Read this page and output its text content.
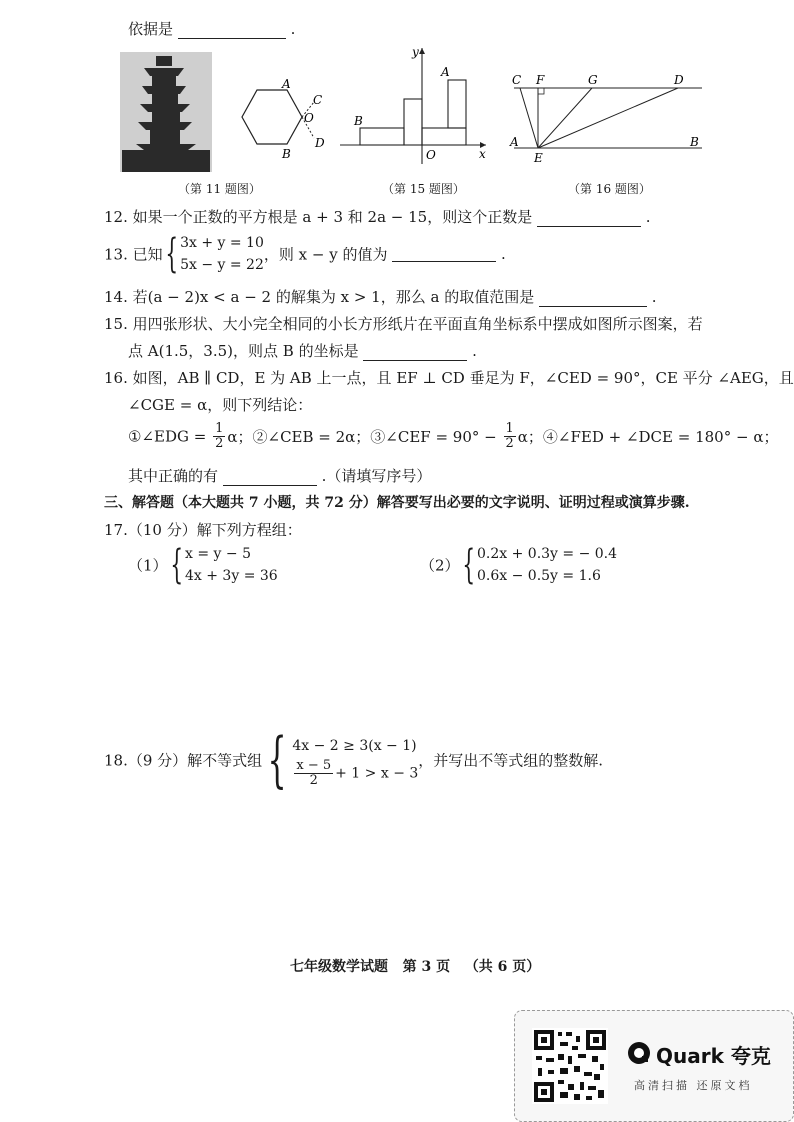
依据是	.
A
C
O
B
D
（第 11 题图）
y
A
B
O	x
（第 15 题图）
C F	G	D
A
E
B
（第 16 题图）
12. 如果一个正数的平方根是 a + 3 和 2a − 15，则这个正数是	.
13. 已知{ 3x + y = 10
5x − y = 22
，则 x − y 的值为	.
14. 若(a − 2)x < a − 2 的解集为 x > 1，那么 a 的取值范围是	.
15. 用四张形状、大小完全相同的小长方形纸片在平面直角坐标系中摆成如图所示图案，若
点 A(1.5，3.5)，则点 B 的坐标是	.
16. 如图，AB ∥ CD，E 为 AB 上一点，且 EF ⊥ CD 垂足为 F，∠CED = 90°，CE 平分 ∠AEG，且
∠CGE = α，则下列结论：
①∠EDG = $\frac{1}{2}$ α；②∠CEB = 2α；③∠CEF = $90^\circ - \frac{1}{2}$ α；④∠FED + ∠DCE = 180° − α；
其中正确的有	.（请填写序号）
三、解答题（本大题共 7 小题，共 72 分）解答要写出必要的文字说明、证明过程或演算步骤.
17.（10 分）解下列方程组：
（1）{ x = y − 5
4x + 3y = 36
（2）{ 0.2x + 0.3y = − 0.4
0.6x − 0.5y = 1.6
18.（9 分）解不等式组{ 4x − 2 ≥ 3(x − 1)
$\frac{x - 5}{2} + 1 > x - 3$
，并写出不等式组的整数解.
七年级数学试题 第 3 页 （共 6 页）
Quark 夸克
高清扫描 还原文档
